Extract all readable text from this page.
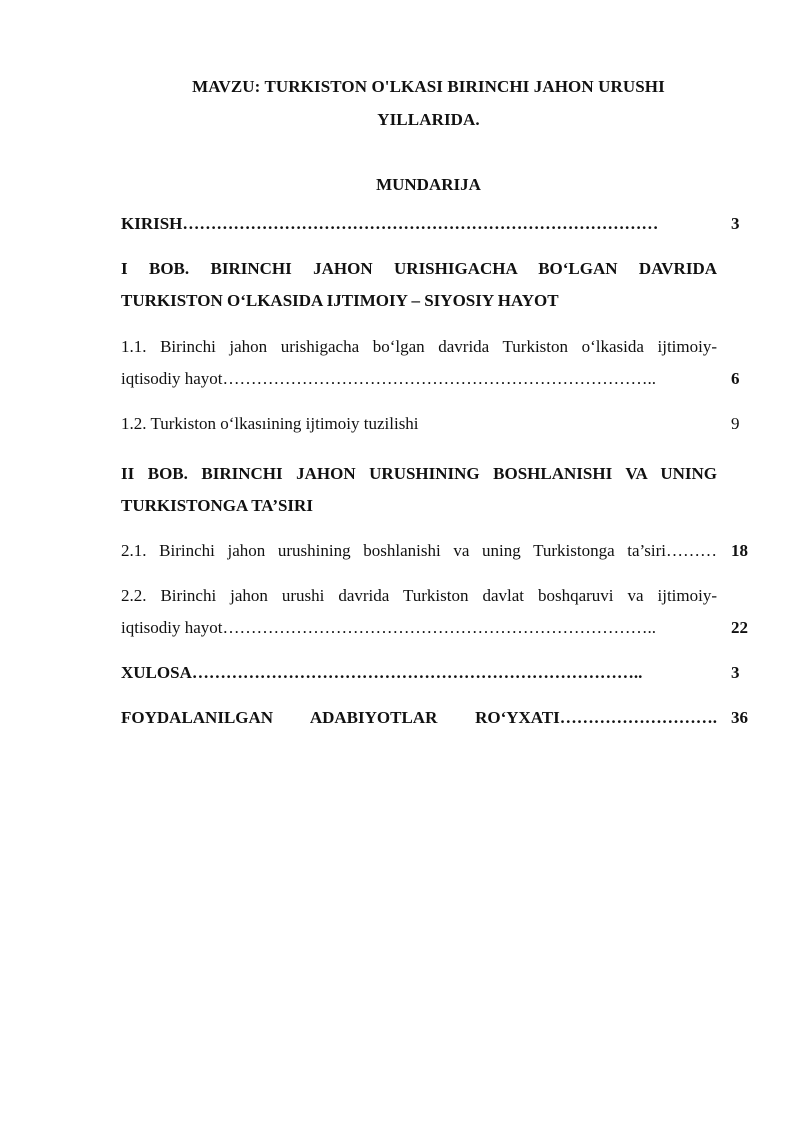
MAVZU: TURKISTON O'LKASI BIRINCHI JAHON URUSHI
YILLARIDA.
MUNDARIJA
KIRISH…………………………………………………………………………	3
I BOB. BIRINCHI JAHON URISHIGACHA BO‘LGAN DAVRIDA
TURKISTON O‘LKASIDA IJTIMOIY – SIYOSIY HAYOT
1.1. Birinchi jahon urishigacha bo‘lgan davrida Turkiston o‘lkasida ijtimoiy-
iqtisodiy hayot…………………………………………………………………..	6
1.2. Turkiston o‘lkasıining ijtimoiy tuzilishi	9
II BOB. BIRINCHI JAHON URUSHINING BOSHLANISHI VA UNING
TURKISTONGA TA’SIRI
2.1. Birinchi jahon urushining boshlanishi va uning Turkistonga ta’siri……… 18
2.2. Birinchi jahon urushi davrida Turkiston davlat boshqaruvi va ijtimoiy-
iqtisodiy hayot…………………………………………………………………..	22
XULOSA……………………………………………………………………..	3
FOYDALANILGAN ADABIYOTLAR RO‘YXATI………………………. 36
